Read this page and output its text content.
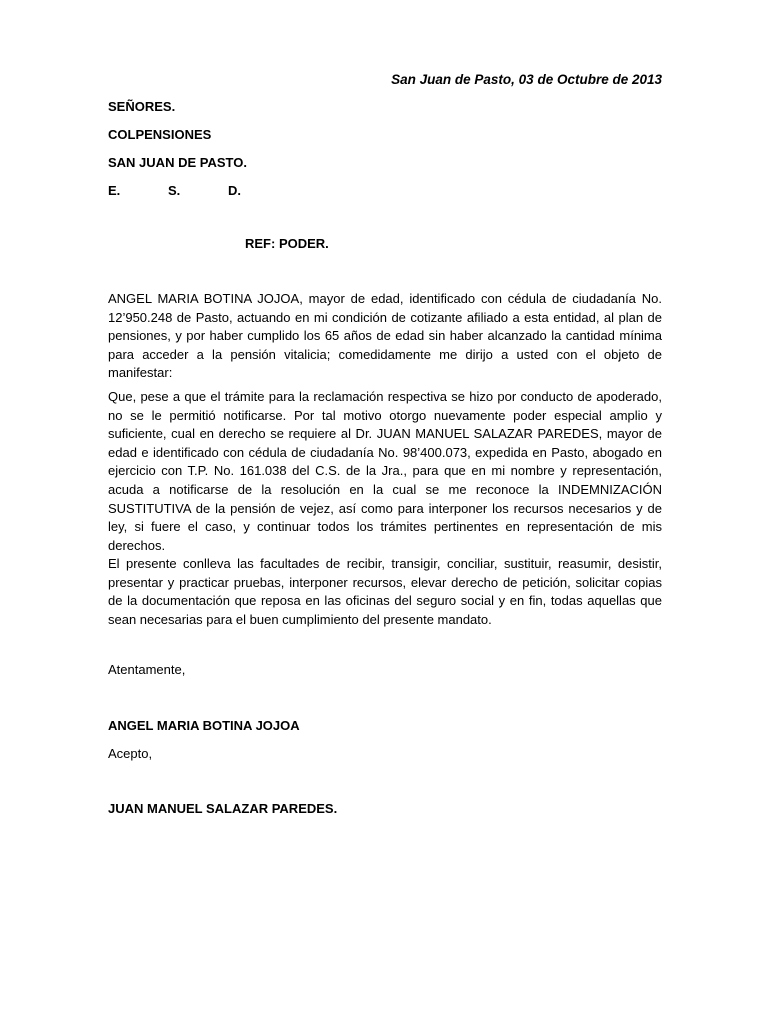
San Juan de Pasto, 03 de Octubre de 2013
SEÑORES.
COLPENSIONES
SAN JUAN DE PASTO.
E.	S.	D.
REF: PODER.

ANGEL MARIA BOTINA JOJOA, mayor de edad, identificado con cédula de ciudadanía No. 12’950.248 de Pasto, actuando en mi condición de cotizante afiliado a esta entidad, al plan de pensiones, y por haber cumplido los 65 años de edad sin haber alcanzado la cantidad mínima para acceder a la pensión vitalicia; comedidamente me dirijo a usted con el objeto de manifestar:

Que, pese a que el trámite para la reclamación respectiva se hizo por conducto de apoderado, no se le permitió notificarse. Por tal motivo otorgo nuevamente poder especial amplio y suficiente, cual en derecho se requiere al Dr. JUAN MANUEL SALAZAR PAREDES, mayor de edad e identificado con cédula de ciudadanía No. 98’400.073, expedida en Pasto, abogado en ejercicio con T.P. No. 161.038 del C.S. de la Jra., para que en mi nombre y representación, acuda a notificarse de la resolución en la cual se me reconoce la INDEMNIZACIÓN SUSTITUTIVA de la pensión de vejez, así como para interponer los recursos necesarios y de ley, si fuere el caso, y continuar todos los trámites pertinentes en representación de mis derechos.

El presente conlleva las facultades de recibir, transigir, conciliar, sustituir, reasumir, desistir, presentar y practicar pruebas, interponer recursos, elevar derecho de petición, solicitar copias de la documentación que reposa en las oficinas del seguro social y en fin, todas aquellas que sean necesarias para el buen cumplimiento del presente mandato.

Atentamente,
ANGEL MARIA BOTINA JOJOA
Acepto,
JUAN MANUEL SALAZAR PAREDES.
